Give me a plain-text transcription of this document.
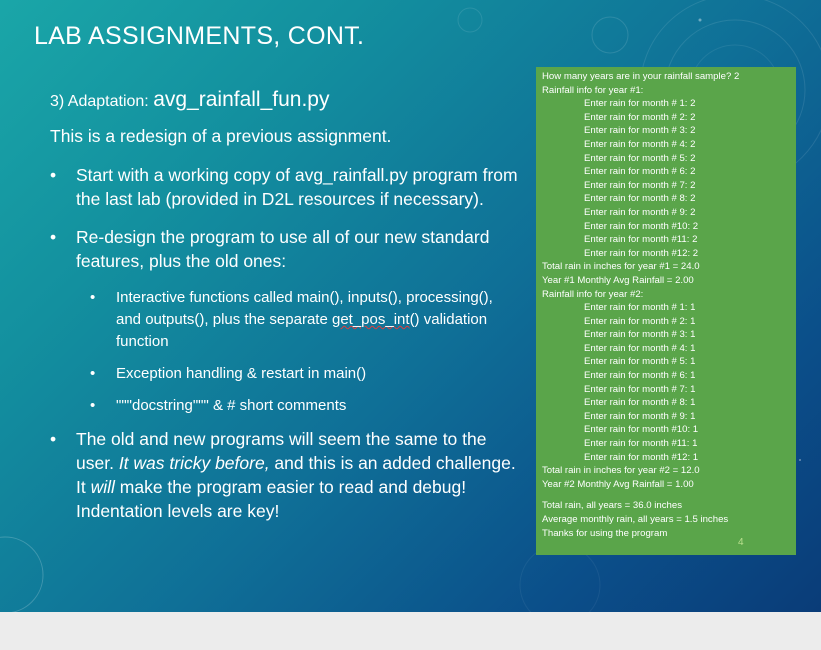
LAB ASSIGNMENTS, CONT.
3) Adaptation: avg_rainfall_fun.py
This is a redesign of a previous assignment.
• Start with a working copy of avg_rainfall.py program from the last lab (provided in D2L resources if necessary).
• Re-design the program to use all of our new standard features, plus the old ones:
• Interactive functions called main(), inputs(), processing(), and outputs(), plus the separate get_pos_int() validation function
• Exception handling & restart in main()
• """docstring""" & # short comments
• The old and new programs will seem the same to the user. It was tricky before, and this is an added challenge. It will make the program easier to read and debug! Indentation levels are key!
How many years are in your rainfall sample? 2
Rainfall info for year #1:
Enter rain for month # 1: 2
Enter rain for month # 2: 2
Enter rain for month # 3: 2
Enter rain for month # 4: 2
Enter rain for month # 5: 2
Enter rain for month # 6: 2
Enter rain for month # 7: 2
Enter rain for month # 8: 2
Enter rain for month # 9: 2
Enter rain for month #10: 2
Enter rain for month #11: 2
Enter rain for month #12: 2
Total rain in inches for year #1 = 24.0
Year #1 Monthly Avg Rainfall = 2.00
Rainfall info for year #2:
Enter rain for month # 1: 1
Enter rain for month # 2: 1
Enter rain for month # 3: 1
Enter rain for month # 4: 1
Enter rain for month # 5: 1
Enter rain for month # 6: 1
Enter rain for month # 7: 1
Enter rain for month # 8: 1
Enter rain for month # 9: 1
Enter rain for month #10: 1
Enter rain for month #11: 1
Enter rain for month #12: 1
Total rain in inches for year #2 = 12.0
Year #2 Monthly Avg Rainfall = 1.00
Total rain, all years = 36.0 inches
Average monthly rain, all years = 1.5 inches
Thanks for using the program
4
